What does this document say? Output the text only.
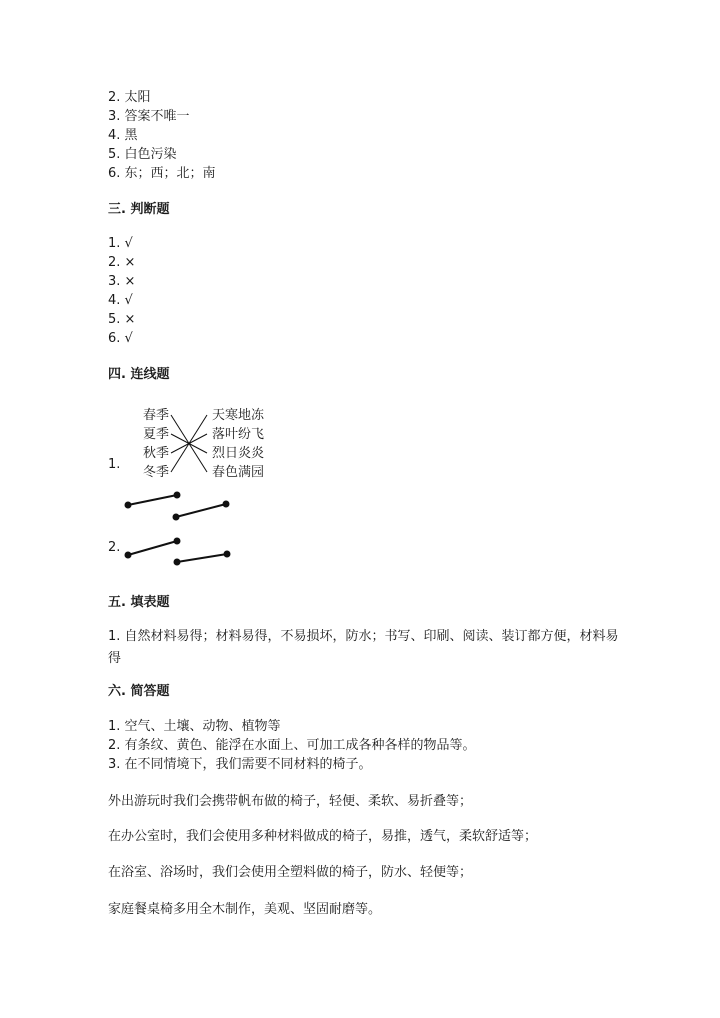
2. 太阳
3. 答案不唯一
4. 黑
5. 白色污染
6. 东；西；北；南
三. 判断题
1. √
2. ×
3. ×
4. √
5. ×
6. √
四. 连线题
1.
春季
夏季
秋季
冬季
天寒地冻
落叶纷飞
烈日炎炎
春色满园
2.
五. 填表题
1. 自然材料易得；材料易得，不易损坏，防水；书写、印刷、阅读、装订都方便，材料易得
六. 简答题
1. 空气、土壤、动物、植物等
2. 有条纹、黄色、能浮在水面上、可加工成各种各样的物品等。
3. 在不同情境下，我们需要不同材料的椅子。
外出游玩时我们会携带帆布做的椅子，轻便、柔软、易折叠等；
在办公室时，我们会使用多种材料做成的椅子，易推，透气，柔软舒适等；
在浴室、浴场时，我们会使用全塑料做的椅子，防水、轻便等；
家庭餐桌椅多用全木制作，美观、坚固耐磨等。
